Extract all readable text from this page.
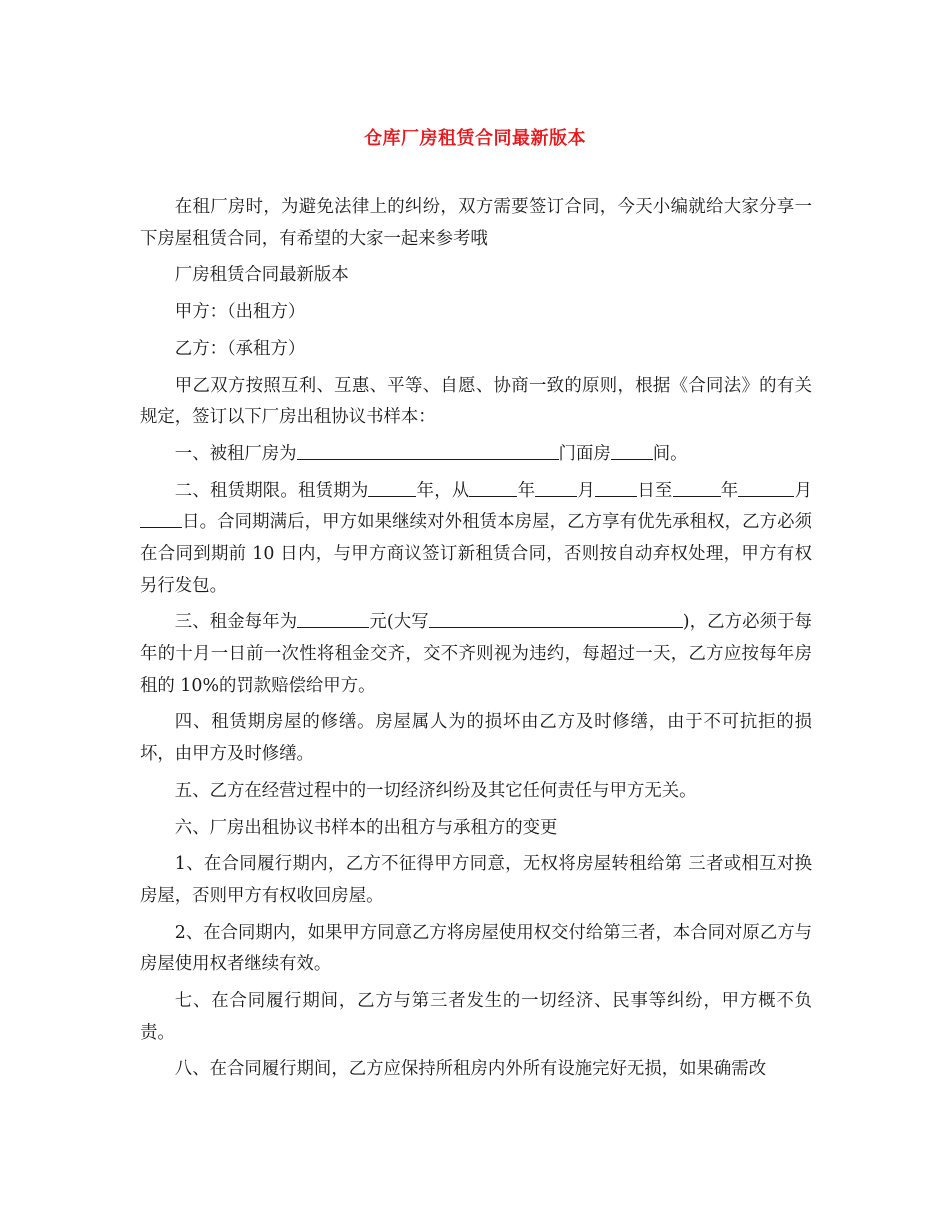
仓库厂房租赁合同最新版本

在租厂房时，为避免法律上的纠纷，双方需要签订合同，今天小编就给大家分享一下房屋租赁合同，有希望的大家一起来参考哦

厂房租赁合同最新版本

甲方：（出租方）

乙方：（承租方）

甲乙双方按照互利、互惠、平等、自愿、协商一致的原则，根据《合同法》的有关规定，签订以下厂房出租协议书样本：

一、被租厂房为	门面房 间。

二、租赁期限。租赁期为	年，从	年 月 日至	年	月日。合同期满后，甲方如果继续对外租赁本房屋，乙方享有优先承租权，乙方必须在合同到期前 10 日内，与甲方商议签订新租赁合同，否则按自动弃权处理，甲方有权另行发包。

三、租金每年为	元(大写	)，乙方必须于每年的十月一日前一次性将租金交齐，交不齐则视为违约，每超过一天，乙方应按每年房租的 10%的罚款赔偿给甲方。

四、租赁期房屋的修缮。房屋属人为的损坏由乙方及时修缮，由于不可抗拒的损坏，由甲方及时修缮。

五、乙方在经营过程中的一切经济纠纷及其它任何责任与甲方无关。

六、厂房出租协议书样本的出租方与承租方的变更

1、在合同履行期内，乙方不征得甲方同意，无权将房屋转租给第 三者或相互对换房屋，否则甲方有权收回房屋。

2、在合同期内，如果甲方同意乙方将房屋使用权交付给第三者，本合同对原乙方与房屋使用权者继续有效。

七、在合同履行期间，乙方与第三者发生的一切经济、民事等纠纷，甲方概不负责。

八、在合同履行期间，乙方应保持所租房内外所有设施完好无损，如果确需改
